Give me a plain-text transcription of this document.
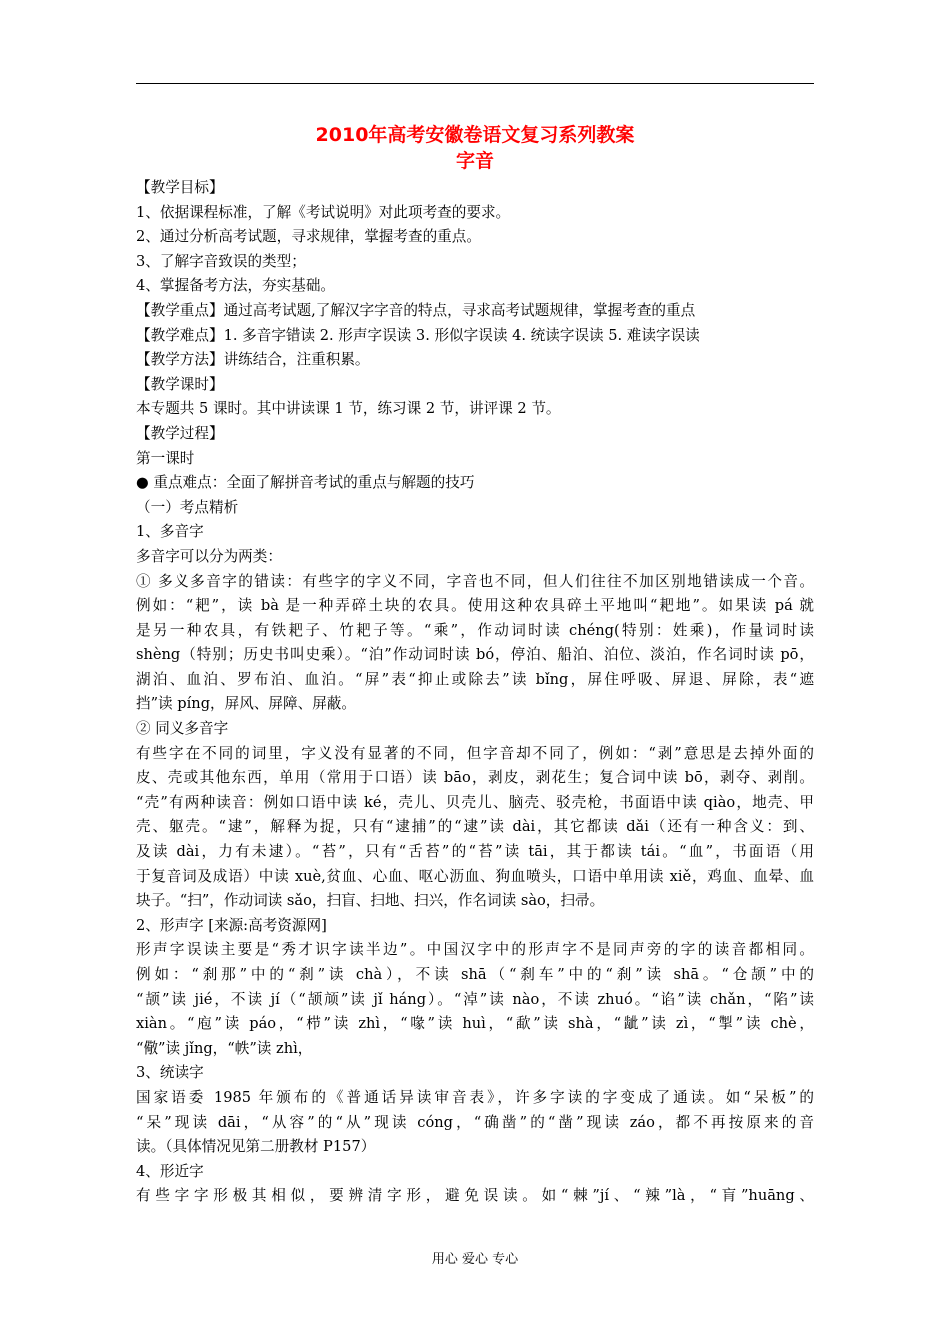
2010年高考安徽卷语文复习系列教案
字音
【教学目标】
1、依据课程标准，了解《考试说明》对此项考查的要求。
2、通过分析高考试题，寻求规律，掌握考查的重点。
3、了解字音致误的类型；
4、掌握备考方法，夯实基础。
【教学重点】通过高考试题,了解汉字字音的特点，寻求高考试题规律，掌握考查的重点
【教学难点】1. 多音字错读 2. 形声字误读 3. 形似字误读 4. 统读字误读 5. 难读字误读
【教学方法】讲练结合，注重积累。
【教学课时】
本专题共 5 课时。其中讲读课 1 节，练习课 2 节，讲评课 2 节。
【教学过程】
第一课时
● 重点难点：全面了解拼音考试的重点与解题的技巧
（一）考点精析
1、多音字
多音字可以分为两类：
① 多义多音字的错读：有些字的字义不同，字音也不同，但人们往往不加区别地错读成一个音。
例如：“耙”，读 bà 是一种弄碎土块的农具。使用这种农具碎土平地叫“耙地”。如果读 pá 就
是另一种农具，有铁耙子、竹耙子等。“乘”，作动词时读 chéng(特别：姓乘)，作量词时读
shèng（特别；历史书叫史乘）。“泊”作动词时读 bó，停泊、船泊、泊位、淡泊，作名词时读 pō，
湖泊、血泊、罗布泊、血泊。“屏”表“抑止或除去”读 bǐng，屏住呼吸、屏退、屏除，表“遮
挡”读 píng，屏风、屏障、屏蔽。
② 同义多音字
有些字在不同的词里，字义没有显著的不同，但字音却不同了，例如：“剥”意思是去掉外面的
皮、壳或其他东西，单用（常用于口语）读 bāo，剥皮，剥花生；复合词中读 bō，剥夺、剥削。
“壳”有两种读音：例如口语中读 ké，壳儿、贝壳儿、脑壳、驳壳枪，书面语中读 qiào，地壳、甲
壳、躯壳。“逮”，解释为捉，只有“逮捕”的“逮”读 dài，其它都读 dǎi（还有一种含义：到、
及读 dài，力有未逮）。“苔”，只有“舌苔”的“苔”读 tāi，其于都读 tái。“血”，书面语（用
于复音词及成语）中读 xuè,贫血、心血、呕心沥血、狗血喷头，口语中单用读 xiě，鸡血、血晕、血
块子。“扫”，作动词读 sǎo，扫盲、扫地、扫兴，作名词读 sào，扫帚。
2、形声字 [来源:高考资源网]
形声字误读主要是“秀才识字读半边”。中国汉字中的形声字不是同声旁的字的读音都相同。
例如：“刹那”中的“刹”读 chà），不读 shā（“刹车”中的“刹”读 shā。“仓颉”中的
“颉”读 jié，不读 jí（“颉颃”读 jǐ háng）。“淖”读 nào，不读 zhuó。“谄”读 chǎn，“陷”读
xiàn。“庖”读 páo，“栉”读 zhì，“喙”读 huì，“歃”读 shà，“龇”读 zì，“掣”读 chè，
“儆”读 jǐng，“帙”读 zhì，
3、统读字
国家语委 1985 年颁布的《普通话异读审音表》，许多字读的字变成了通读。如“呆板”的
“呆”现读 dāi，“从容”的“从”现读 cóng，“确凿”的“凿”现读 záo，都不再按原来的音
读。（具体情况见第二册教材 P157）
4、形近字
有些字字形极其相似，要辨清字形，避免误读。如“棘”jí、“辣”là，“肓”huāng、
用心 爱心 专心
